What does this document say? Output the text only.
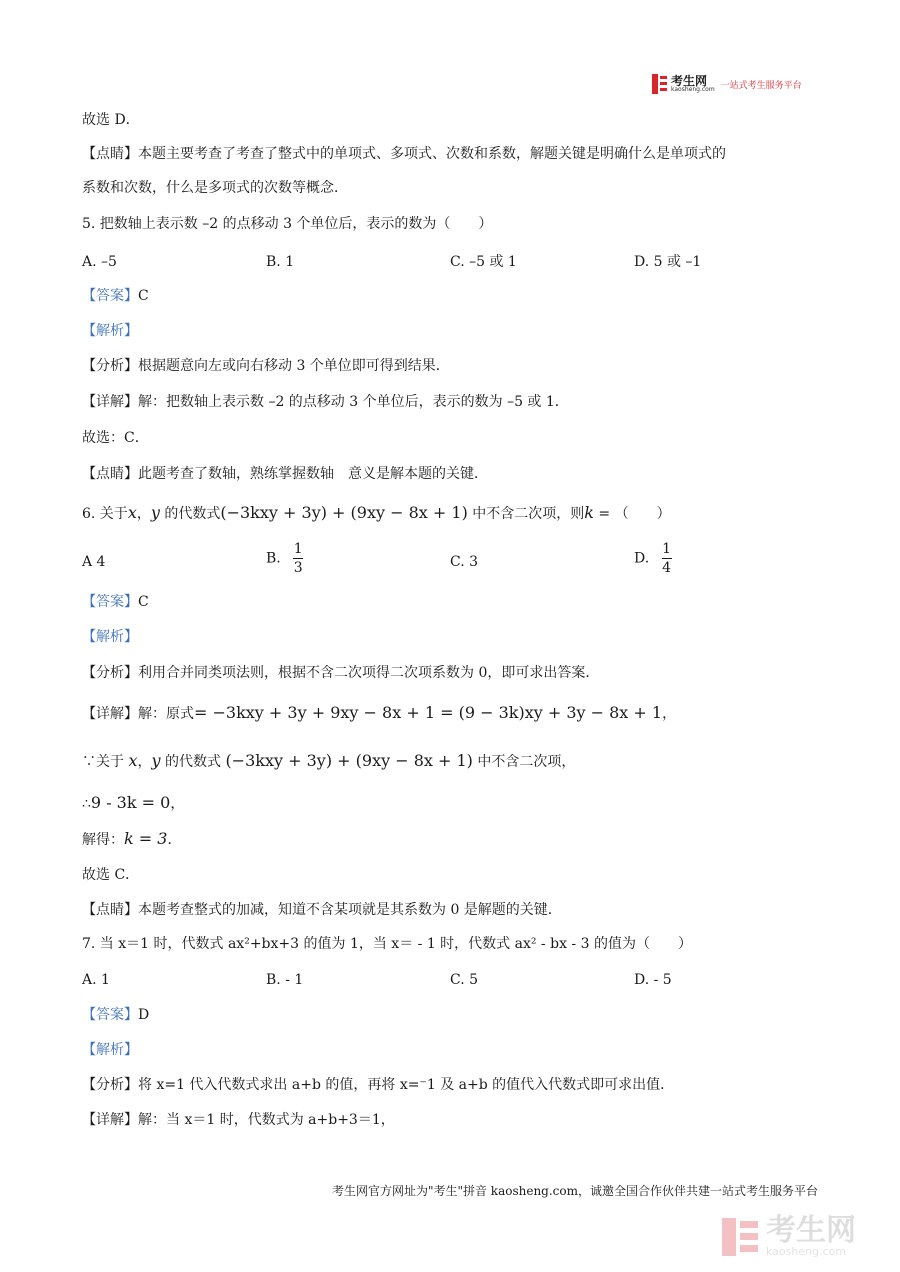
考生网
kaosheng.com 一站式考生服务平台
故选 D．
【点睛】本题主要考查了考查了整式中的单项式、多项式、次数和系数，解题关键是明确什么是单项式的
系数和次数，什么是多项式的次数等概念．
5. 把数轴上表示数 –2 的点移动 3 个单位后，表示的数为（　　）
A. –5	B. 1	C. –5 或 1	D. 5 或 –1
【答案】C
【解析】
【分析】根据题意向左或向右移动 3 个单位即可得到结果．
【详解】解：把数轴上表示数 –2 的点移动 3 个单位后，表示的数为 –5 或 1．
故选：C．
【点睛】此题考查了数轴，熟练掌握数轴　意义是解本题的关键．
6. 关于x，y 的代数式(−3kxy + 3y) + (9xy − 8x + 1) 中不含二次项，则k = （　　）
A 4	B. $\frac{1}{3}$	C. 3	D. $\frac{1}{4}$
【答案】C
【解析】
【分析】利用合并同类项法则，根据不含二次项得二次项系数为 0，即可求出答案．
【详解】解：原式= −3kxy + 3y + 9xy − 8x + 1 = (9 − 3k)xy + 3y − 8x + 1，
∵关于 x，y 的代数式 (−3kxy + 3y) + (9xy − 8x + 1) 中不含二次项，
∴9 - 3k = 0，
解得：k = 3．
故选 C．
【点睛】本题考查整式的加减，知道不含某项就是其系数为 0 是解题的关键．
7. 当 x＝1 时，代数式 ax²+bx+3 的值为 1，当 x＝ - 1 时，代数式 ax² - bx - 3 的值为（　　）
A. 1	B. - 1	C. 5	D. - 5
【答案】D
【解析】
【分析】将 x=1 代入代数式求出 a+b 的值，再将 x=⁻1 及 a+b 的值代入代数式即可求出值．
【详解】解：当 x＝1 时，代数式为 a+b+3＝1，
考生网官方网址为"考生"拼音 kaosheng.com，诚邀全国合作伙伴共建一站式考生服务平台
考生网
kaosheng.com
